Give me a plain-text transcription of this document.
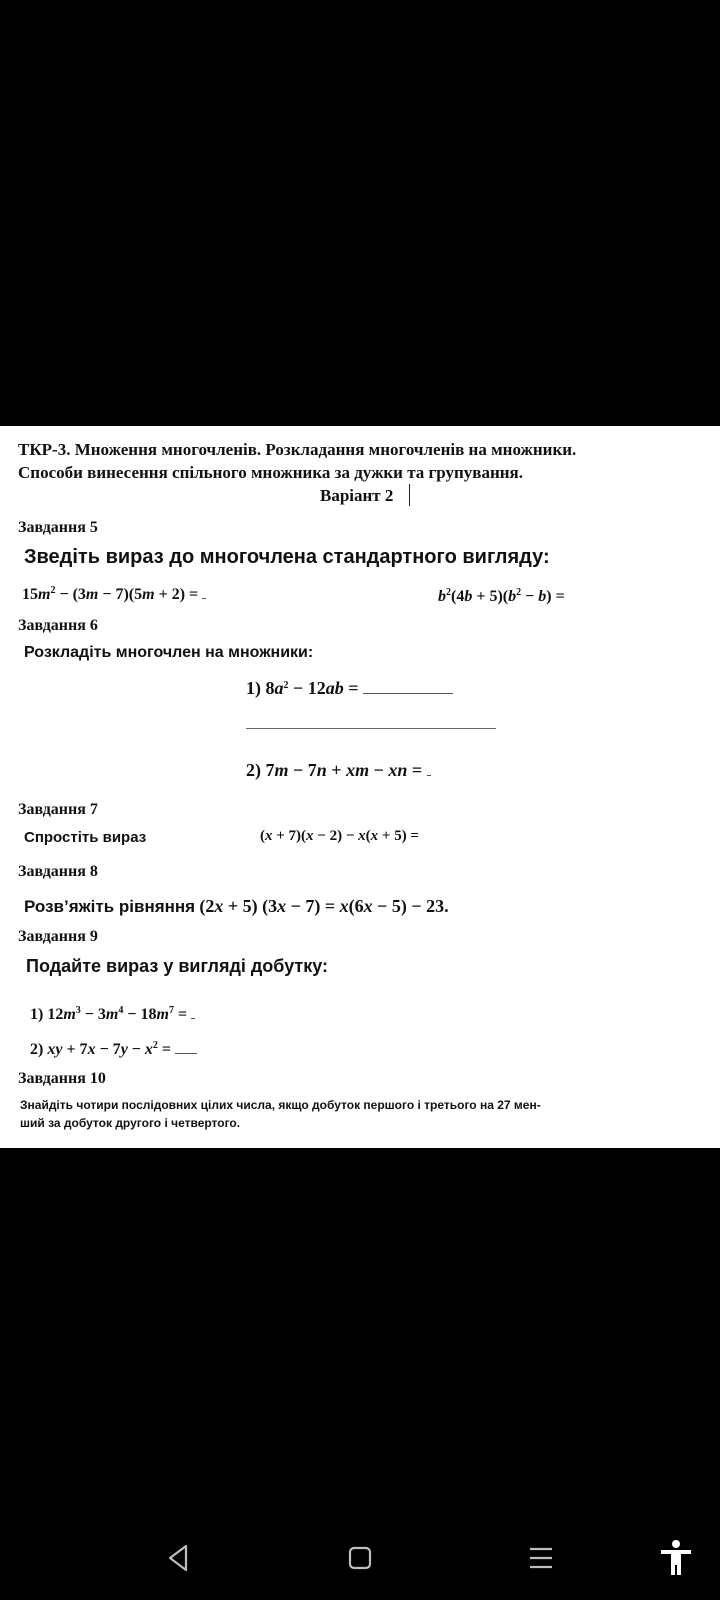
ТКР-3. Множення многочленів. Розкладання многочленів на множники.
Способи винесення спільного множника за дужки та групування.
Варіант 2
Завдання 5
Зведіть вираз до многочлена стандартного вигляду:
$15m^2 - (3m - 7)(5m + 2)$ =	$b^2(4b + 5)(b^2 - b)$ =
Завдання 6
Розкладіть многочлен на множники:
1) $8a^2 - 12ab$ =
2) 7m − 7n + xm − xn =
Завдання 7
Спростіть вираз	(x + 7)(x − 2) − x(x + 5) =
Завдання 8
Розв’яжіть рівняння (2x + 5) (3x − 7) = x(6x − 5) − 23.
Завдання 9
Подайте вираз у вигляді добутку:
1) $12m^3 - 3m^4 - 18m^7$ =
2) xy + $7x - 7y - x^2$ =
Завдання 10
Знайдіть чотири послідовних цілих числа, якщо добуток першого і третього на 27 мен-
ший за добуток другого і четвертого.
